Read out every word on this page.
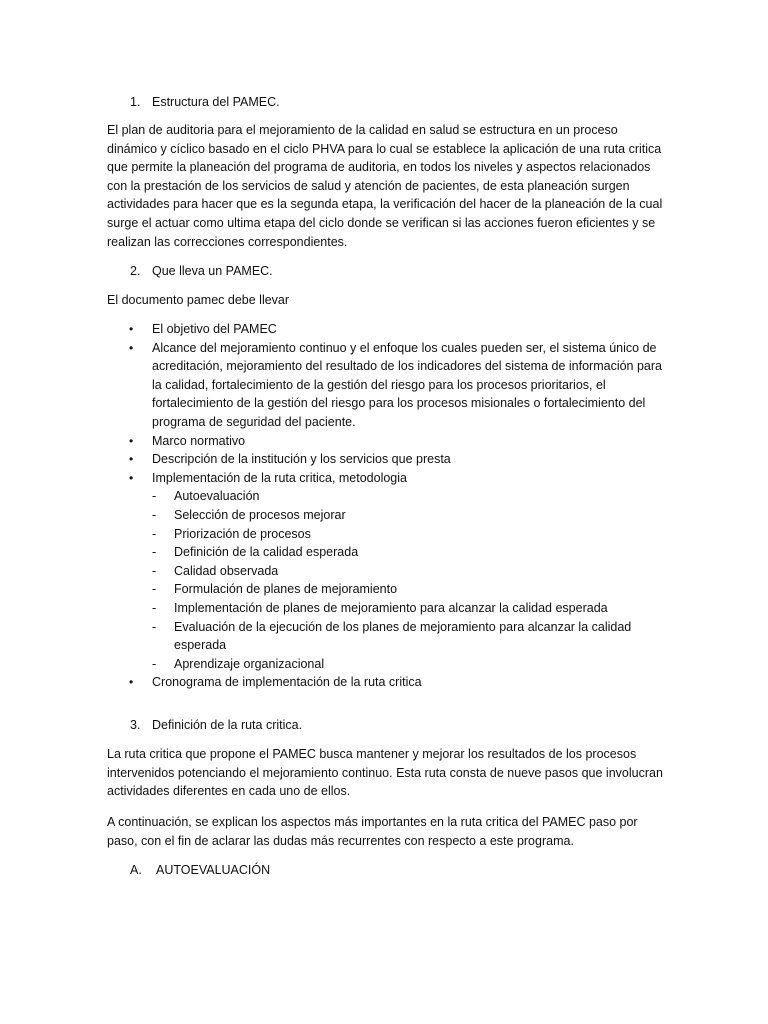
1. Estructura del PAMEC.

El plan de auditoria para el mejoramiento de la calidad en salud se estructura en un proceso dinámico y cíclico basado en el ciclo PHVA para lo cual se establece la aplicación de una ruta critica que permite la planeación del programa de auditoria, en todos los niveles y aspectos relacionados con la prestación de los servicios de salud y atención de pacientes, de esta planeación surgen actividades para hacer que es la segunda etapa, la verificación del hacer de la planeación de la cual surge el actuar como ultima etapa del ciclo donde se verifican si las acciones fueron eficientes y se realizan las correcciones correspondientes.

2. Que lleva un PAMEC.

El documento pamec debe llevar

• El objetivo del PAMEC
• Alcance del mejoramiento continuo y el enfoque los cuales pueden ser, el sistema único de acreditación, mejoramiento del resultado de los indicadores del sistema de información para la calidad, fortalecimiento de la gestión del riesgo para los procesos prioritarios, el fortalecimiento de la gestión del riesgo para los procesos misionales o fortalecimiento del programa de seguridad del paciente.
• Marco normativo
• Descripción de la institución y los servicios que presta
• Implementación de la ruta critica, metodologia
- Autoevaluación
- Selección de procesos mejorar
- Priorización de procesos
- Definición de la calidad esperada
- Calidad observada
- Formulación de planes de mejoramiento
- Implementación de planes de mejoramiento para alcanzar la calidad esperada
- Evaluación de la ejecución de los planes de mejoramiento para alcanzar la calidad esperada
- Aprendizaje organizacional
• Cronograma de implementación de la ruta critica
3. Definición de la ruta critica.

La ruta critica que propone el PAMEC busca mantener y mejorar los resultados de los procesos intervenidos potenciando el mejoramiento continuo. Esta ruta consta de nueve pasos que involucran actividades diferentes en cada uno de ellos.

A continuación, se explican los aspectos más importantes en la ruta critica del PAMEC paso por paso, con el fin de aclarar las dudas más recurrentes con respecto a este programa.

A.	AUTOEVALUACIÓN
